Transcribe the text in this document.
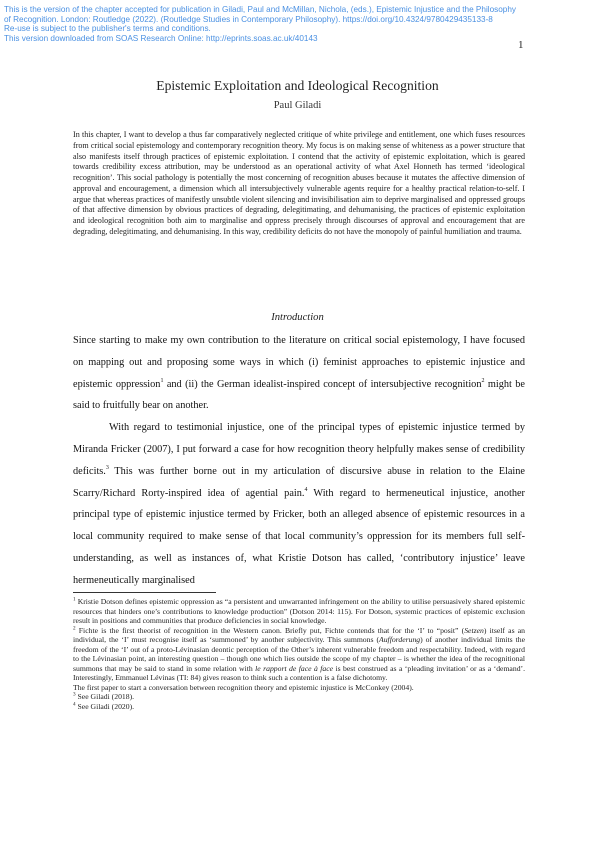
This is the version of the chapter accepted for publication in Giladi, Paul and McMillan, Nichola, (eds.), Epistemic Injustice and the Philosophy
of Recognition. London: Routledge (2022). (Routledge Studies in Contemporary Philosophy). https://doi.org/10.4324/9780429435133-8
Re-use is subject to the publisher's terms and conditions.
This version downloaded from SOAS Research Online: http://eprints.soas.ac.uk/40143
1
Epistemic Exploitation and Ideological Recognition
Paul Giladi

In this chapter, I want to develop a thus far comparatively neglected critique of white privilege and entitlement, one which fuses resources from critical social epistemology and contemporary recognition theory. My focus is on making sense of whiteness as a power structure that also manifests itself through practices of epistemic exploitation. I contend that the activity of epistemic exploitation, which is geared towards credibility excess attribution, may be understood as an operational activity of what Axel Honneth has termed ‘ideological recognition’. This social pathology is potentially the most concerning of recognition abuses because it mutates the affective dimension of approval and encouragement, a dimension which all intersubjectively vulnerable agents require for a healthy practical relation-to-self. I argue that whereas practices of manifestly unsubtle violent silencing and invisibilisation aim to deprive marginalised and oppressed groups of that affective dimension by obvious practices of degrading, delegitimating, and dehumanising, the practices of epistemic exploitation and ideological recognition both aim to marginalise and oppress precisely through discourses of approval and encouragement that are degrading, delegitimating, and dehumanising. In this way, credibility deficits do not have the monopoly of painful humiliation and trauma.

Introduction

Since starting to make my own contribution to the literature on critical social epistemology, I have focused on mapping out and proposing some ways in which (i) feminist approaches to epistemic injustice and epistemic oppression$^1$ and (ii) the German idealist-inspired concept of intersubjective recognition$^2$ might be said to fruitfully bear on another.

With regard to testimonial injustice, one of the principal types of epistemic injustice termed by Miranda Fricker (2007), I put forward a case for how recognition theory helpfully makes sense of credibility deficits.$^3$ This was further borne out in my articulation of discursive abuse in relation to the Elaine Scarry/Richard Rorty-inspired idea of agential pain.$^4$ With regard to hermeneutical injustice, another principal type of epistemic injustice termed by Fricker, both an alleged absence of epistemic resources in a local community required to make sense of that local community’s oppression for its members full self-understanding, as well as instances of, what Kristie Dotson has called, ‘contributory injustice’ leave hermeneutically marginalised

$^1$ Kristie Dotson defines epistemic oppression as “a persistent and unwarranted infringement on the ability to utilise persuasively shared epistemic resources that hinders one’s contributions to knowledge production” (Dotson 2014: 115). For Dotson, systemic practices of epistemic exclusion result in positions and communities that produce deficiencies in social knowledge.

$^2$ Fichte is the first theorist of recognition in the Western canon. Briefly put, Fichte contends that for the ‘I’ to “posit” (Setzen) itself as an individual, the ‘I’ must recognise itself as ‘summoned’ by another subjectivity. This summons (Aufforderung) of another individual limits the freedom of the ‘I’ out of a proto-Lévinasian deontic perception of the Other’s inherent vulnerable freedom and respectability. Indeed, with regard to the Lévinasian point, an interesting question – though one which lies outside the scope of my chapter – is whether the idea of the recognitional summons that may be said to stand in some relation with le rapport de face à face is best construed as a ‘pleading invitation’ or as a ‘demand’. Interestingly, Emmanuel Lévinas (TI: 84) gives reason to think such a contention is a false dichotomy.

The first paper to start a conversation between recognition theory and epistemic injustice is McConkey (2004).

$^3$ See Giladi (2018).

$^4$ See Giladi (2020).
